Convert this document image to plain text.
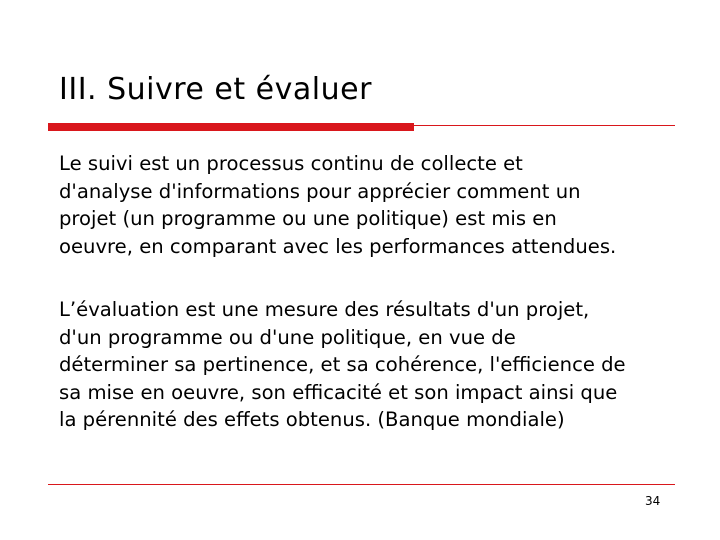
III. Suivre et évaluer

Le suivi est un processus continu de collecte et
d'analyse d'informations pour apprécier comment un
projet (un programme ou une politique) est mis en
oeuvre, en comparant avec les performances attendues.

L’évaluation est une mesure des résultats d'un projet,
d'un programme ou d'une politique, en vue de
déterminer sa pertinence, et sa cohérence, l'efficience de
sa mise en oeuvre, son efficacité et son impact ainsi que
la pérennité des effets obtenus. (Banque mondiale)

34
